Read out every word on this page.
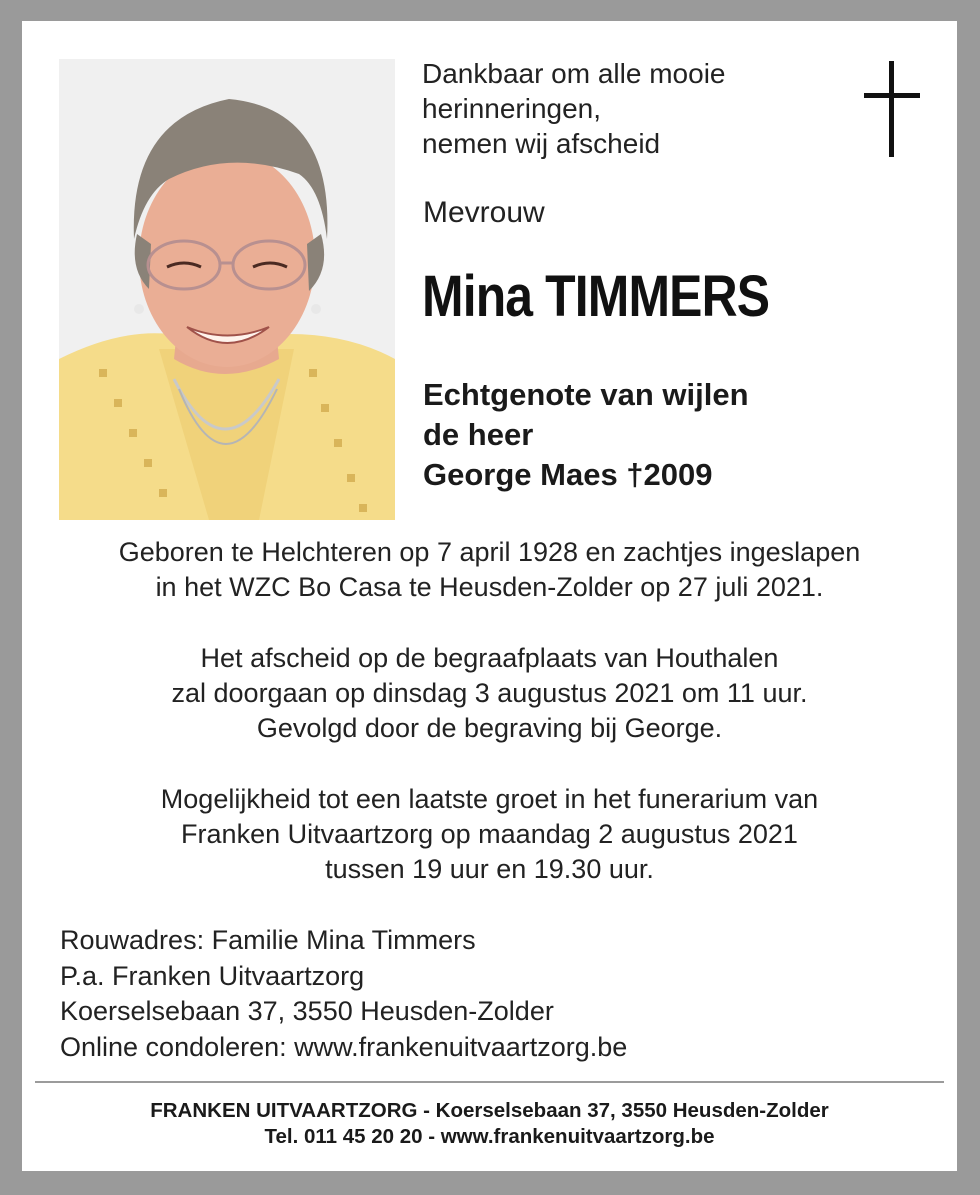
Dankbaar om alle mooie
herinneringen,
nemen wij afscheid
Mevrouw
Mina TIMMERS
Echtgenote van wijlen
de heer
George Maes †2009
Geboren te Helchteren op 7 april 1928 en zachtjes ingeslapen
in het WZC Bo Casa te Heusden-Zolder op 27 juli 2021.
Het afscheid op de begraafplaats van Houthalen
zal doorgaan op dinsdag 3 augustus 2021 om 11 uur.
Gevolgd door de begraving bij George.
Mogelijkheid tot een laatste groet in het funerarium van
Franken Uitvaartzorg op maandag 2 augustus 2021
tussen 19 uur en 19.30 uur.
Rouwadres: Familie Mina Timmers
P.a. Franken Uitvaartzorg
Koerselsebaan 37, 3550 Heusden-Zolder
Online condoleren: www.frankenuitvaartzorg.be
FRANKEN UITVAARTZORG - Koerselsebaan 37, 3550 Heusden-Zolder
Tel. 011 45 20 20 - www.frankenuitvaartzorg.be
